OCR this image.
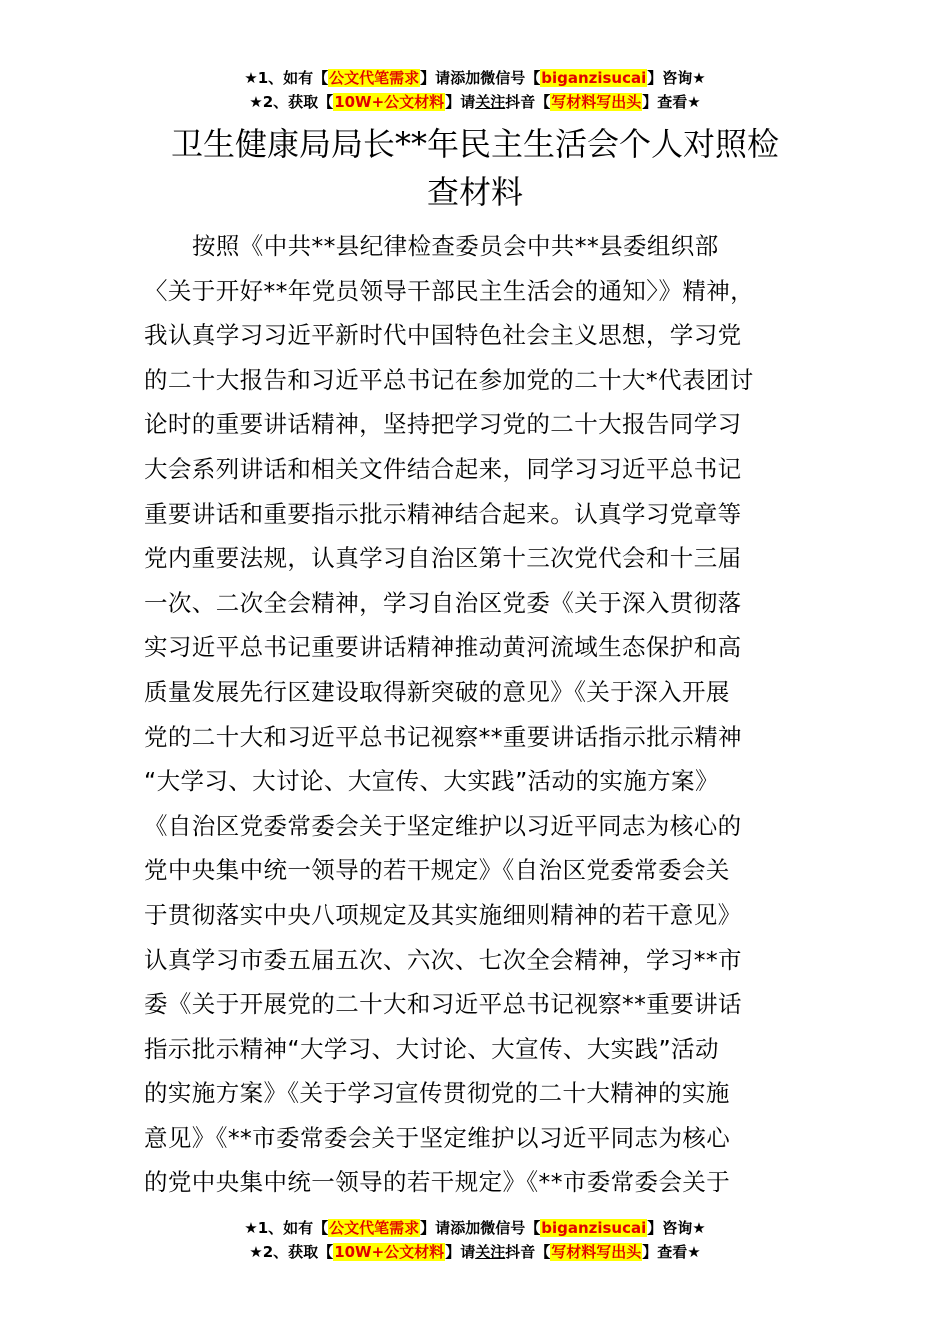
★1、如有【公文代笔需求】请添加微信号【biganzisucai】咨询★
★2、获取【10W+公文材料】请关注抖音【写材料写出头】查看★
卫生健康局局长**年民主生活会个人对照检
查材料
按照《中共**县纪律检查委员会中共**县委组织部
〈关于开好**年党员领导干部民主生活会的通知〉》精神，
我认真学习习近平新时代中国特色社会主义思想，学习党
的二十大报告和习近平总书记在参加党的二十大*代表团讨
论时的重要讲话精神，坚持把学习党的二十大报告同学习
大会系列讲话和相关文件结合起来，同学习习近平总书记
重要讲话和重要指示批示精神结合起来。认真学习党章等
党内重要法规，认真学习自治区第十三次党代会和十三届
一次、二次全会精神，学习自治区党委《关于深入贯彻落
实习近平总书记重要讲话精神推动黄河流域生态保护和高
质量发展先行区建设取得新突破的意见》《关于深入开展
党的二十大和习近平总书记视察**重要讲话指示批示精神
“大学习、大讨论、大宣传、大实践”活动的实施方案》
《自治区党委常委会关于坚定维护以习近平同志为核心的
党中央集中统一领导的若干规定》《自治区党委常委会关
于贯彻落实中央八项规定及其实施细则精神的若干意见》
认真学习市委五届五次、六次、七次全会精神，学习**市
委《关于开展党的二十大和习近平总书记视察**重要讲话
指示批示精神“大学习、大讨论、大宣传、大实践”活动
的实施方案》《关于学习宣传贯彻党的二十大精神的实施
意见》《**市委常委会关于坚定维护以习近平同志为核心
的党中央集中统一领导的若干规定》《**市委常委会关于
★1、如有【公文代笔需求】请添加微信号【biganzisucai】咨询★
★2、获取【10W+公文材料】请关注抖音【写材料写出头】查看★
